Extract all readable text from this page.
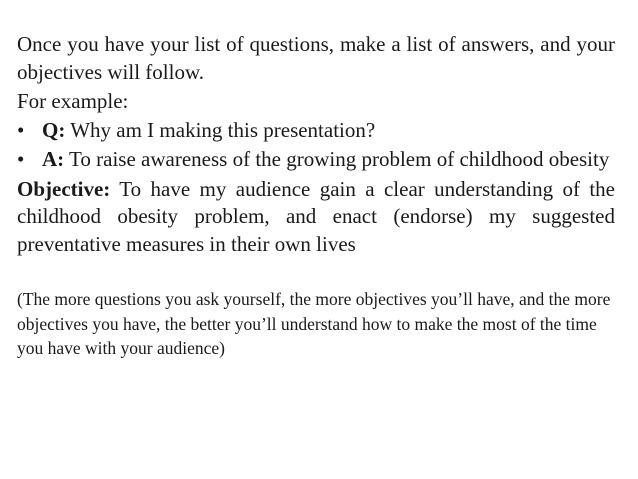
Once you have your list of questions, make a list of answers, and your objectives will follow.

For example:

• Q: Why am I making this presentation?
• A: To raise awareness of the growing problem of childhood obesity

Objective: To have my audience gain a clear understanding of the childhood obesity problem, and enact (endorse) my suggested preventative measures in their own lives

(The more questions you ask yourself, the more objectives you’ll have, and the more objectives you have, the better you’ll understand how to make the most of the time you have with your audience)
